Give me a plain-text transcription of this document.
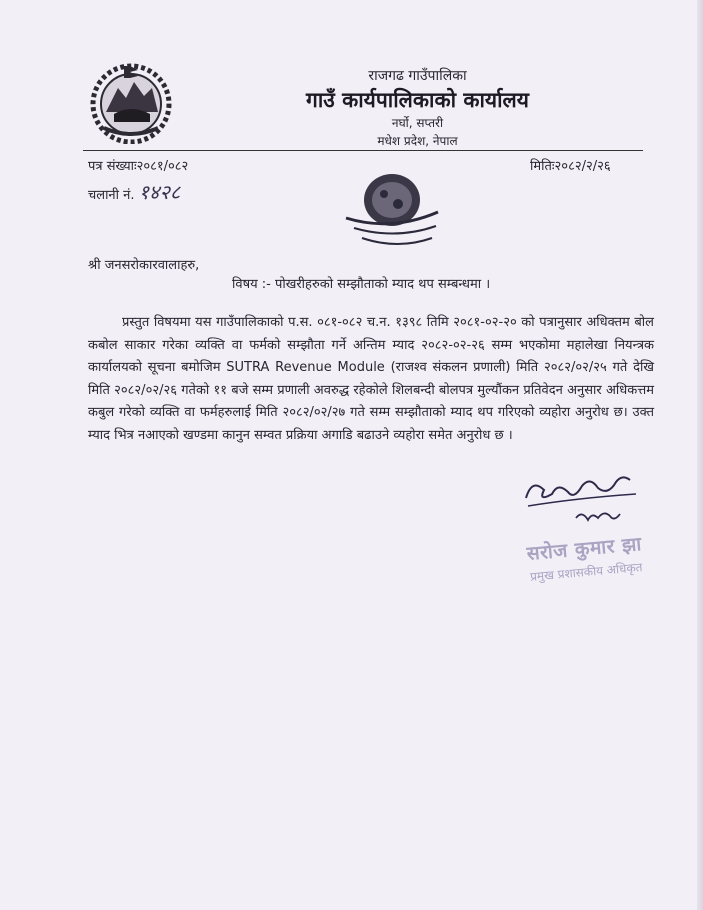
राजगढ गाउँपालिका
गाउँ कार्यपालिकाको कार्यालय
नर्घो, सप्तरी
मधेश प्रदेश, नेपाल
पत्र संख्याः२०८१/०८२	मितिः२०८२/२/२६
चलानी नं. १४२८
श्री जनसरोकारवालाहरु,
विषय :- पोखरीहरुको सम्झौताको म्याद थप सम्बन्धमा ।
प्रस्तुत विषयमा यस गाउँपालिकाको प.स. ०८१-०८२ च.न. १३९८ तिमि २०८१-०२-२० को पत्रानुसार अधिक्तम बोल कबोल साकार गरेका व्यक्ति वा फर्मको सम्झौता गर्ने अन्तिम म्याद २०८२-०२-२६ सम्म भएकोमा महालेखा नियन्त्रक कार्यालयको सूचना बमोजिम SUTRA Revenue Module (राजश्व संकलन प्रणाली) मिति २०८२/०२/२५ गते देखि मिति २०८२/०२/२६ गतेको ११ बजे सम्म प्रणाली अवरुद्ध रहेकोले शिलबन्दी बोलपत्र मुल्यौंकन प्रतिवेदन अनुसार अधिकत्तम कबुल गरेको व्यक्ति वा फर्महरुलाई मिति २०८२/०२/२७ गते सम्म सम्झौताको म्याद थप गरिएको व्यहोरा अनुरोध छ। उक्त म्याद भित्र नआएको खण्डमा कानुन सम्वत प्रक्रिया अगाडि बढाउने व्यहोरा समेत अनुरोध छ ।
सरोज कुमार झा
प्रमुख प्रशासकीय अधिकृत
